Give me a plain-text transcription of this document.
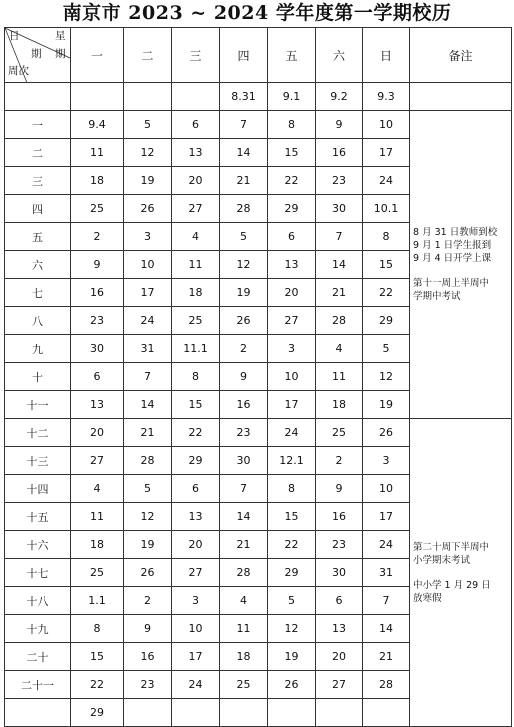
南京市 2023 ~ 2024 学年度第一学期校历
日 星
期 期
周次	一	二	三	四	五	六	日	备注	
				8.31	9.1	9.2	9.3		
一	9.4	5	6	7	8	9	10	8 月 31 日教师到校

9 月 1 日学生报到

9 月 4 日开学上课

第十一周上半周中

学期中考试	

二	11	12	13	14	15	16	17		
三	18	19	20	21	22	23	24		
四	25	26	27	28	29	30	10.1		
五	2	3	4	5	6	7	8		
六	9	10	11	12	13	14	15		
七	16	17	18	19	20	21	22		
八	23	24	25	26	27	28	29		
九	30	31	11.1	2	3	4	5		
十	6	7	8	9	10	11	12		
十一	13	14	15	16	17	18	19		
十二	20	21	22	23	24	25	26	第二十周下半周中

小学期末考试

中小学 1 月 29 日

放寒假	

十三	27	28	29	30	12.1	2	3		
十四	4	5	6	7	8	9	10		
十五	11	12	13	14	15	16	17		
十六	18	19	20	21	22	23	24		
十七	25	26	27	28	29	30	31		
十八	1.1	2	3	4	5	6	7		
十九	8	9	10	11	12	13	14		
二十	15	16	17	18	19	20	21		
二十一	22	23	24	25	26	27	28		
	29								
